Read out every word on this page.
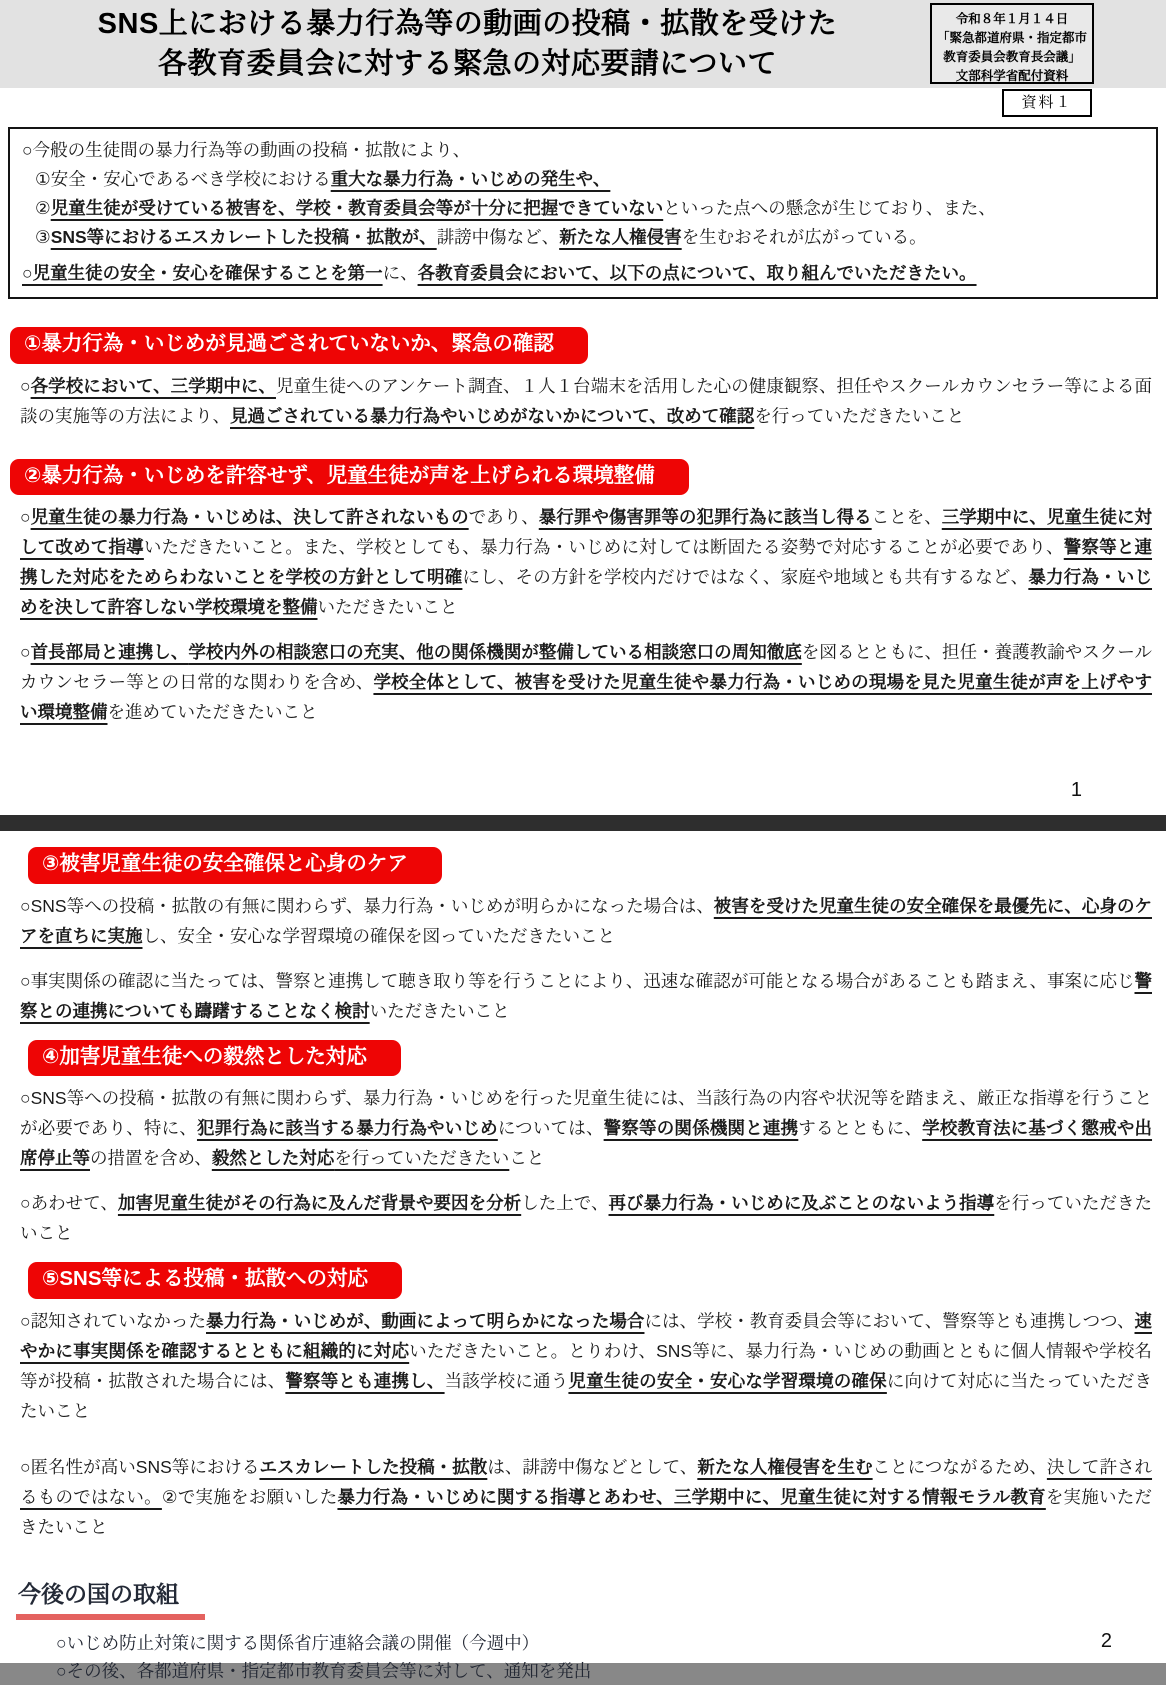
SNS上における暴力行為等の動画の投稿・拡散を受けた
各教育委員会に対する緊急の対応要請について
令和８年１月１４日
「緊急都道府県・指定都市
教育委員会教育長会議」
文部科学省配付資料
資料１

○今般の生徒間の暴力行為等の動画の投稿・拡散により、

①安全・安心であるべき学校における重大な暴力行為・いじめの発生や、

②児童生徒が受けている被害を、学校・教育委員会等が十分に把握できていないといった点への懸念が生じており、また、

③SNS等におけるエスカレートした投稿・拡散が、誹謗中傷など、新たな人権侵害を生むおそれが広がっている。

○児童生徒の安全・安心を確保することを第一に、各教育委員会において、以下の点について、取り組んでいただきたい。

①暴力行為・いじめが見過ごされていないか、緊急の確認

○各学校において、三学期中に、児童生徒へのアンケート調査、１人１台端末を活用した心の健康観察、担任やスクールカウンセラー等による面談の実施等の方法により、見過ごされている暴力行為やいじめがないかについて、改めて確認を行っていただきたいこと

②暴力行為・いじめを許容せず、児童生徒が声を上げられる環境整備

○児童生徒の暴力行為・いじめは、決して許されないものであり、暴行罪や傷害罪等の犯罪行為に該当し得ることを、三学期中に、児童生徒に対して改めて指導いただきたいこと。また、学校としても、暴力行為・いじめに対しては断固たる姿勢で対応することが必要であり、警察等と連携した対応をためらわないことを学校の方針として明確にし、その方針を学校内だけではなく、家庭や地域とも共有するなど、暴力行為・いじめを決して許容しない学校環境を整備いただきたいこと

○首長部局と連携し、学校内外の相談窓口の充実、他の関係機関が整備している相談窓口の周知徹底を図るとともに、担任・養護教諭やスクールカウンセラー等との日常的な関わりを含め、学校全体として、被害を受けた児童生徒や暴力行為・いじめの現場を見た児童生徒が声を上げやすい環境整備を進めていただきたいこと

1
③被害児童生徒の安全確保と心身のケア

○SNS等への投稿・拡散の有無に関わらず、暴力行為・いじめが明らかになった場合は、被害を受けた児童生徒の安全確保を最優先に、心身のケアを直ちに実施し、安全・安心な学習環境の確保を図っていただきたいこと

○事実関係の確認に当たっては、警察と連携して聴き取り等を行うことにより、迅速な確認が可能となる場合があることも踏まえ、事案に応じ警察との連携についても躊躇することなく検討いただきたいこと

④加害児童生徒への毅然とした対応

○SNS等への投稿・拡散の有無に関わらず、暴力行為・いじめを行った児童生徒には、当該行為の内容や状況等を踏まえ、厳正な指導を行うことが必要であり、特に、犯罪行為に該当する暴力行為やいじめについては、警察等の関係機関と連携するとともに、学校教育法に基づく懲戒や出席停止等の措置を含め、毅然とした対応を行っていただきたいこと

○あわせて、加害児童生徒がその行為に及んだ背景や要因を分析した上で、再び暴力行為・いじめに及ぶことのないよう指導を行っていただきたいこと

⑤SNS等による投稿・拡散への対応

○認知されていなかった暴力行為・いじめが、動画によって明らかになった場合には、学校・教育委員会等において、警察等とも連携しつつ、速やかに事実関係を確認するとともに組織的に対応いただきたいこと。とりわけ、SNS等に、暴力行為・いじめの動画とともに個人情報や学校名等が投稿・拡散された場合には、警察等とも連携し、当該学校に通う児童生徒の安全・安心な学習環境の確保に向けて対応に当たっていただきたいこと

○匿名性が高いSNS等におけるエスカレートした投稿・拡散は、誹謗中傷などとして、新たな人権侵害を生むことにつながるため、決して許されるものではない。②で実施をお願いした暴力行為・いじめに関する指導とあわせ、三学期中に、児童生徒に対する情報モラル教育を実施いただきたいこと

今後の国の取組
○いじめ防止対策に関する関係省庁連絡会議の開催（今週中）
○その後、各都道府県・指定都市教育委員会等に対して、通知を発出
2
